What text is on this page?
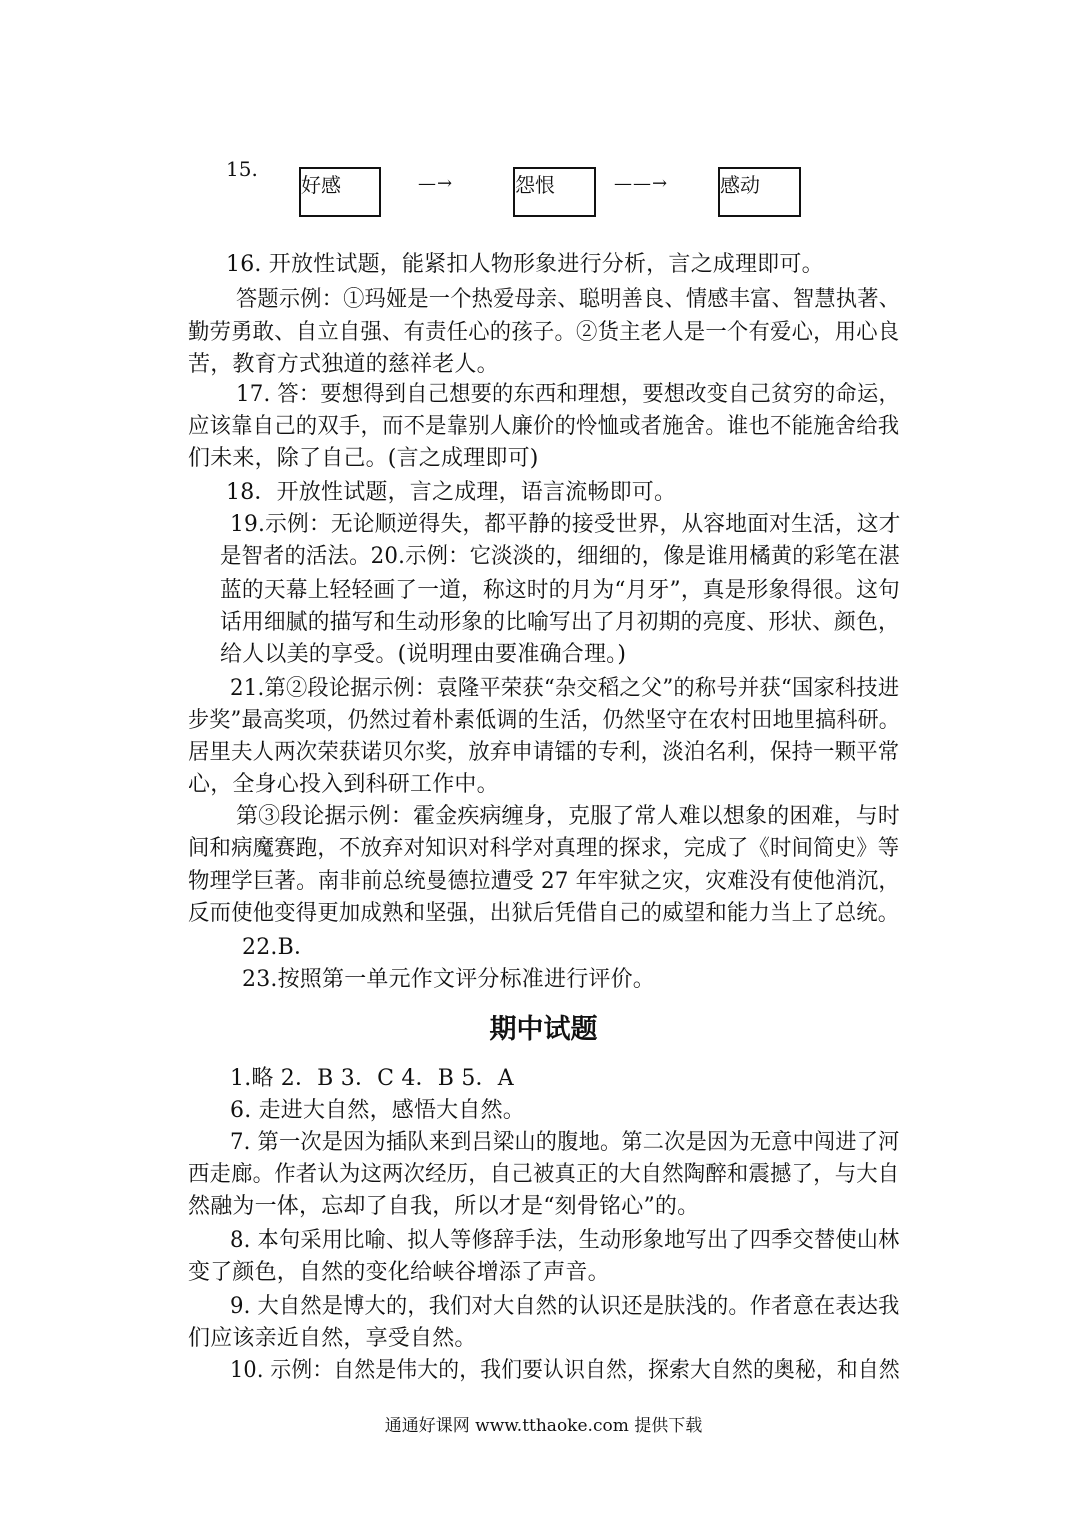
15.
好感	—→	怨恨	——→	感动
16. 开放性试题，能紧扣人物形象进行分析，言之成理即可。
答题示例：①玛娅是一个热爱母亲、聪明善良、情感丰富、智慧执著、
勤劳勇敢、自立自强、有责任心的孩子。②货主老人是一个有爱心，用心良
苦，教育方式独道的慈祥老人。
17. 答：要想得到自己想要的东西和理想，要想改变自己贫穷的命运，
应该靠自己的双手，而不是靠别人廉价的怜恤或者施舍。谁也不能施舍给我
们未来，除了自己。(言之成理即可)
18．开放性试题，言之成理，语言流畅即可。
19.示例：无论顺逆得失，都平静的接受世界，从容地面对生活，这才
是智者的活法。20.示例：它淡淡的，细细的，像是谁用橘黄的彩笔在湛
蓝的天幕上轻轻画了一道，称这时的月为“月牙”，真是形象得很。这句
话用细腻的描写和生动形象的比喻写出了月初期的亮度、形状、颜色，
给人以美的享受。(说明理由要准确合理。)
21.第②段论据示例：袁隆平荣获“杂交稻之父”的称号并获“国家科技进
步奖”最高奖项，仍然过着朴素低调的生活，仍然坚守在农村田地里搞科研。
居里夫人两次荣获诺贝尔奖，放弃申请镭的专利，淡泊名利，保持一颗平常
心，全身心投入到科研工作中。
第③段论据示例：霍金疾病缠身，克服了常人难以想象的困难，与时
间和病魔赛跑，不放弃对知识对科学对真理的探求，完成了《时间简史》等
物理学巨著。南非前总统曼德拉遭受 27 年牢狱之灾，灾难没有使他消沉，
反而使他变得更加成熟和坚强，出狱后凭借自己的威望和能力当上了总统。
22.B．
23.按照第一单元作文评分标准进行评价。
期中试题
1.略 2．B 3．C 4．B 5．A
6. 走进大自然，感悟大自然。
7. 第一次是因为插队来到吕梁山的腹地。第二次是因为无意中闯进了河
西走廊。作者认为这两次经历，自己被真正的大自然陶醉和震撼了，与大自
然融为一体，忘却了自我，所以才是“刻骨铭心”的。
8. 本句采用比喻、拟人等修辞手法，生动形象地写出了四季交替使山林
变了颜色，自然的变化给峡谷增添了声音。
9. 大自然是博大的，我们对大自然的认识还是肤浅的。作者意在表达我
们应该亲近自然，享受自然。
10. 示例：自然是伟大的，我们要认识自然，探索大自然的奥秘，和自然
通通好课网 www.tthaoke.com 提供下载
